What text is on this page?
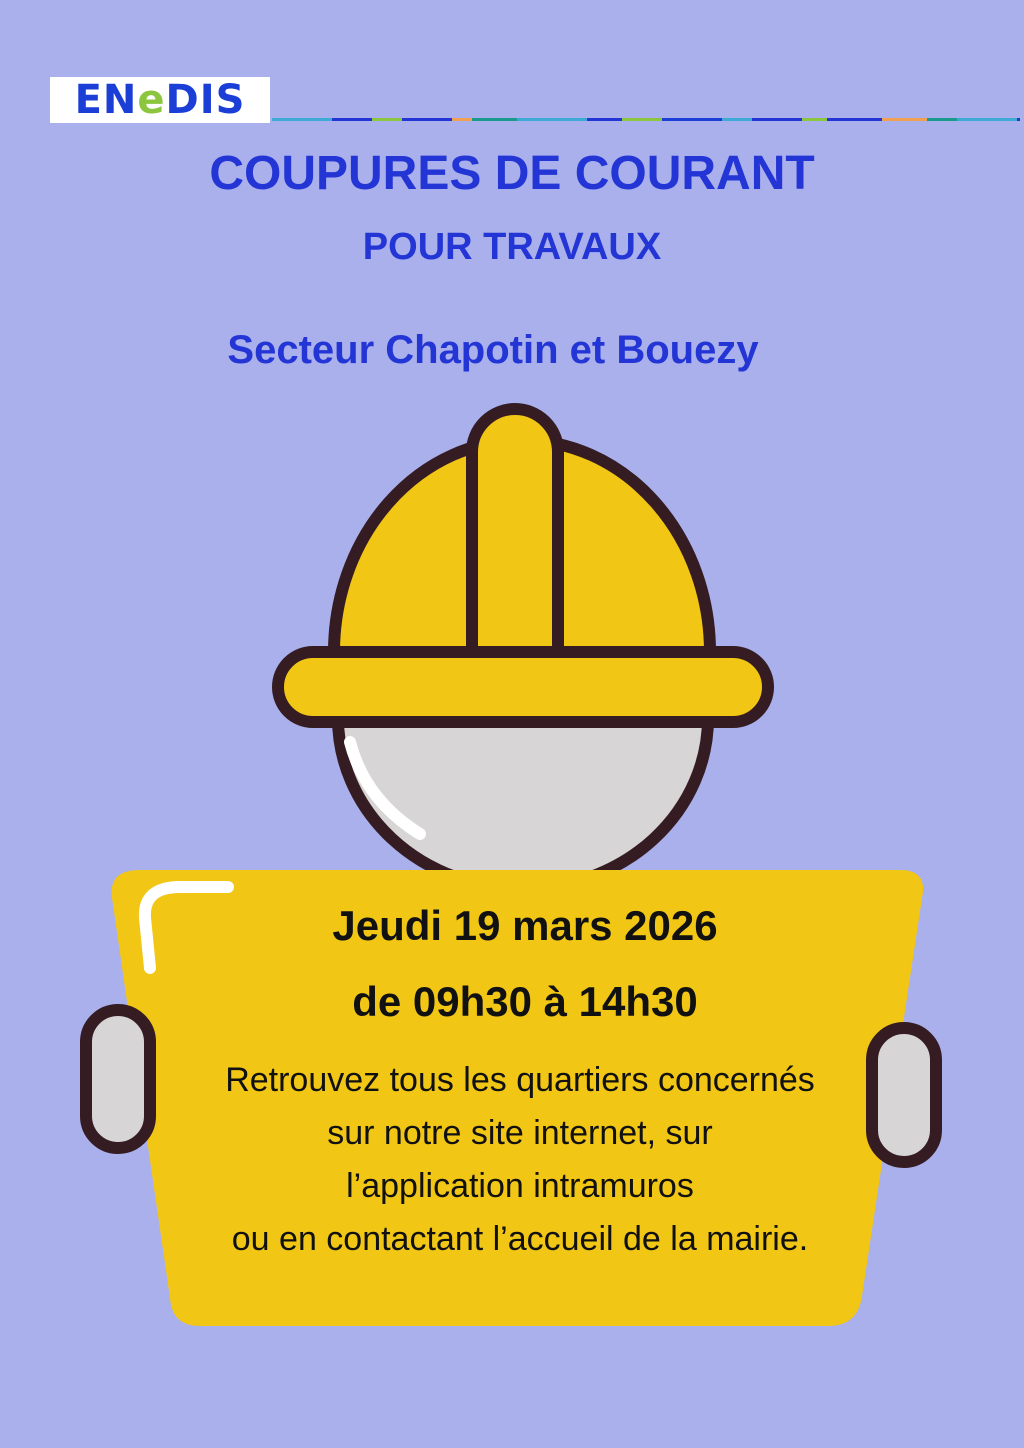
ENeDIS
COUPURES DE COURANT
POUR TRAVAUX
Secteur Chapotin et Bouezy

Jeudi 19 mars 2026

de 09h30 à 14h30

Retrouvez tous les quartiers concernés
sur notre site internet, sur
l’application intramuros
ou en contactant l’accueil de la mairie.
